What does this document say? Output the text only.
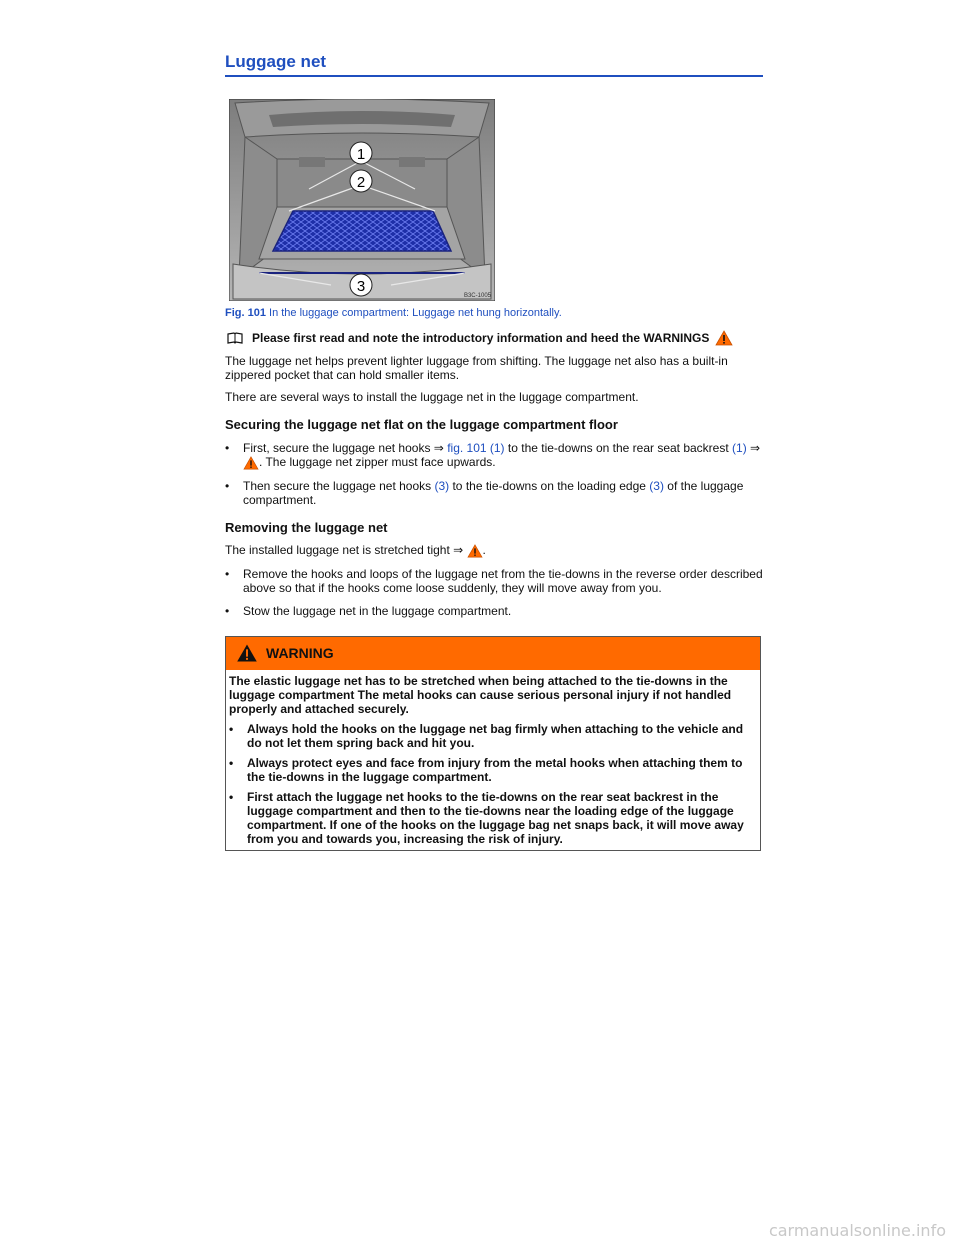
Luggage net
1
2
3
B3C-1005
Fig. 101 In the luggage compartment: Luggage net hung horizontally.
Please first read and note the introductory information and heed the WARNINGS

The luggage net helps prevent lighter luggage from shifting. The luggage net also has a built-in zippered pocket that can hold smaller items.

There are several ways to install the luggage net in the luggage compartment.

Securing the luggage net flat on the luggage compartment floor
• First, secure the luggage net hooks ⇒ fig. 101 (1) to the tie-downs on the rear seat backrest (1) ⇒ . The luggage net zipper must face upwards.
• Then secure the luggage net hooks (3) to the tie-downs on the loading edge (3) of the luggage compartment.
Removing the luggage net

The installed luggage net is stretched tight ⇒ .

• Remove the hooks and loops of the luggage net from the tie-downs in the reverse order described above so that if the hooks come loose suddenly, they will move away from you.
• Stow the luggage net in the luggage compartment.
WARNING

The elastic luggage net has to be stretched when being attached to the tie-downs in the luggage compartment The metal hooks can cause serious personal injury if not handled properly and attached securely.

• Always hold the hooks on the luggage net bag firmly when attaching to the vehicle and do not let them spring back and hit you.
• Always protect eyes and face from injury from the metal hooks when attaching them to the tie-downs in the luggage compartment.
• First attach the luggage net hooks to the tie-downs on the rear seat backrest in the luggage compartment and then to the tie-downs near the loading edge of the luggage compartment. If one of the hooks on the luggage bag net snaps back, it will move away from you and towards you, increasing the risk of injury.
carmanualsonline.info
